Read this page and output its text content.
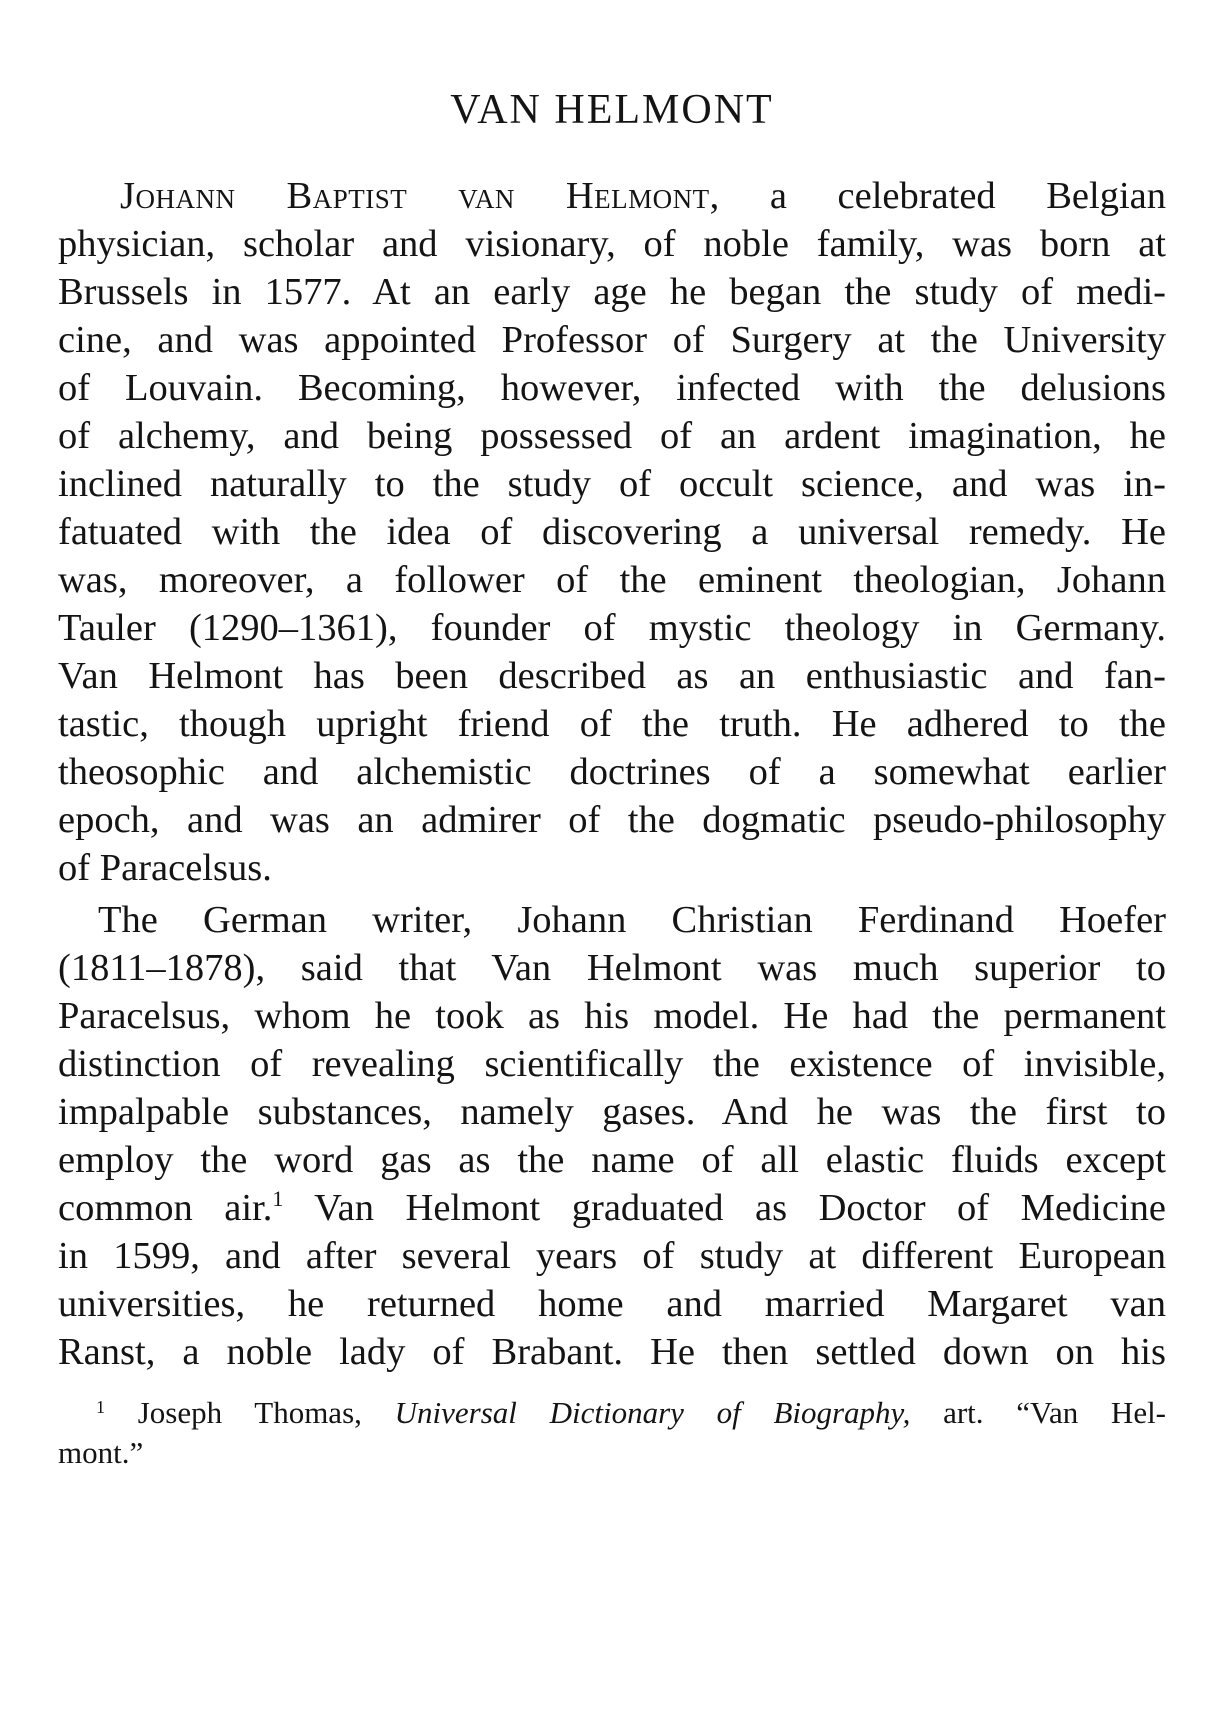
VAN HELMONT
Johann Baptist van Helmont, a celebrated Belgian
physician, scholar and visionary, of noble family, was born at
Brussels in 1577. At an early age he began the study of medi-
cine, and was appointed Professor of Surgery at the University
of Louvain. Becoming, however, infected with the delusions
of alchemy, and being possessed of an ardent imagination, he
inclined naturally to the study of occult science, and was in-
fatuated with the idea of discovering a universal remedy. He
was, moreover, a follower of the eminent theologian, Johann
Tauler (1290–1361), founder of mystic theology in Germany.
Van Helmont has been described as an enthusiastic and fan-
tastic, though upright friend of the truth. He adhered to the
theosophic and alchemistic doctrines of a somewhat earlier
epoch, and was an admirer of the dogmatic pseudo-philosophy
of Paracelsus.
The German writer, Johann Christian Ferdinand Hoefer
(1811–1878), said that Van Helmont was much superior to
Paracelsus, whom he took as his model. He had the permanent
distinction of revealing scientifically the existence of invisible,
impalpable substances, namely gases. And he was the first to
employ the word gas as the name of all elastic fluids except
common air.$^1$ Van Helmont graduated as Doctor of Medicine
in 1599, and after several years of study at different European
universities, he returned home and married Margaret van
Ranst, a noble lady of Brabant. He then settled down on his
$^1$ Joseph Thomas, Universal Dictionary of Biography, art. “Van Hel-
mont.”
